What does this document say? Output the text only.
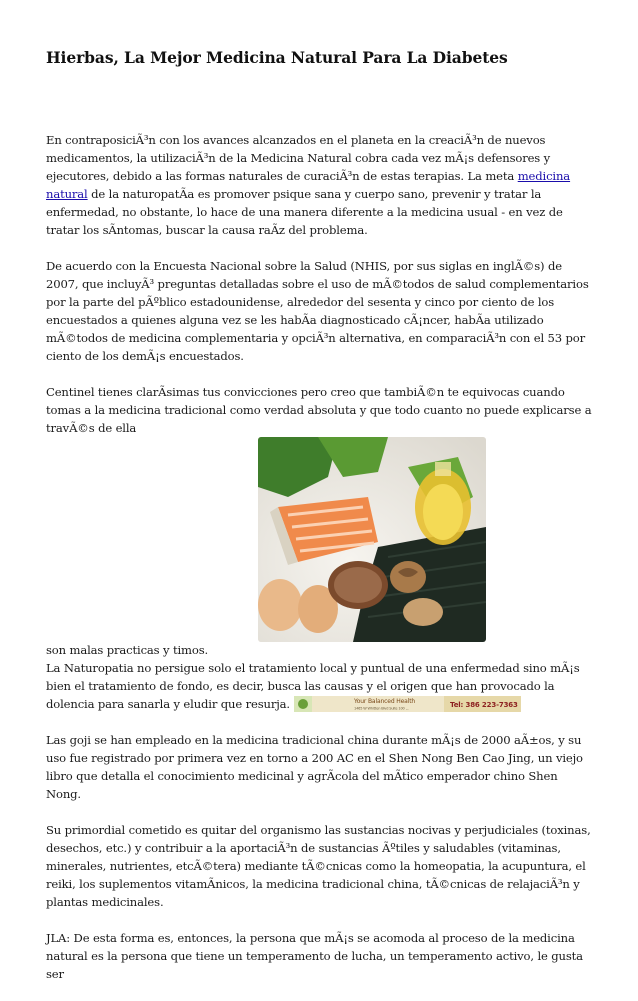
Hierbas, La Mejor Medicina Natural Para La Diabetes

En contraposiciÃ³n con los avances alcanzados en el planeta en la creaciÃ³n de nuevos medicamentos, la utilizaciÃ³n de la Medicina Natural cobra cada vez mÃ¡s defensores y ejecutores, debido a las formas naturales de curaciÃ³n de estas terapias. La meta medicina natural de la naturopatÃa es promover psique sana y cuerpo sano, prevenir y tratar la enfermedad, no obstante, lo hace de una manera diferente a la medicina usual - en vez de tratar los sÃntomas, buscar la causa raÃz del problema.

De acuerdo con la Encuesta Nacional sobre la Salud (NHIS, por sus siglas en inglÃ©s) de 2007, que incluyÃ³ preguntas detalladas sobre el uso de mÃ©todos de salud complementarios por la parte del pÃºblico estadounidense, alrededor del sesenta y cinco por ciento de los encuestados a quienes alguna vez se les habÃa diagnosticado cÃ¡ncer, habÃa utilizado mÃ©todos de medicina complementaria y opciÃ³n alternativa, en comparaciÃ³n con el 53 por ciento de los demÃ¡s encuestados.

Centinel tienes clarÃsimas tus convicciones pero creo que tambiÃ©n te equivocas cuando tomas a la medicina tradicional como verdad absoluta y que todo cuanto no puede explicarse a travÃ©s de ella

son malas practicas y timos.

La Naturopatia no persigue solo el tratamiento local y puntual de una enfermedad sino mÃ¡s bien el tratamiento de fondo, es decir, busca las causas y el origen que han provocado la dolencia para sanarla y eludir que resurja.	Your Balanced Health
1465 W Whitten Blvd Suite 100 ...	Tel: 386 223-7363

Las goji se han empleado en la medicina tradicional china durante mÃ¡s de 2000 aÃ±os, y su uso fue registrado por primera vez en torno a 200 AC en el Shen Nong Ben Cao Jing, un viejo libro que detalla el conocimiento medicinal y agrÃcola del mÃtico emperador chino Shen Nong.

Su primordial cometido es quitar del organismo las sustancias nocivas y perjudiciales (toxinas, desechos, etc.) y contribuir a la aportaciÃ³n de sustancias Ãºtiles y saludables (vitaminas, minerales, nutrientes, etcÃ©tera) mediante tÃ©cnicas como la homeopatia, la acupuntura, el reiki, los suplementos vitamÃnicos, la medicina tradicional china, tÃ©cnicas de relajaciÃ³n y plantas medicinales.

JLA: De esta forma es, entonces, la persona que mÃ¡s se acomoda al proceso de la medicina natural es la persona que tiene un temperamento de lucha, un temperamento activo, le gusta ser
